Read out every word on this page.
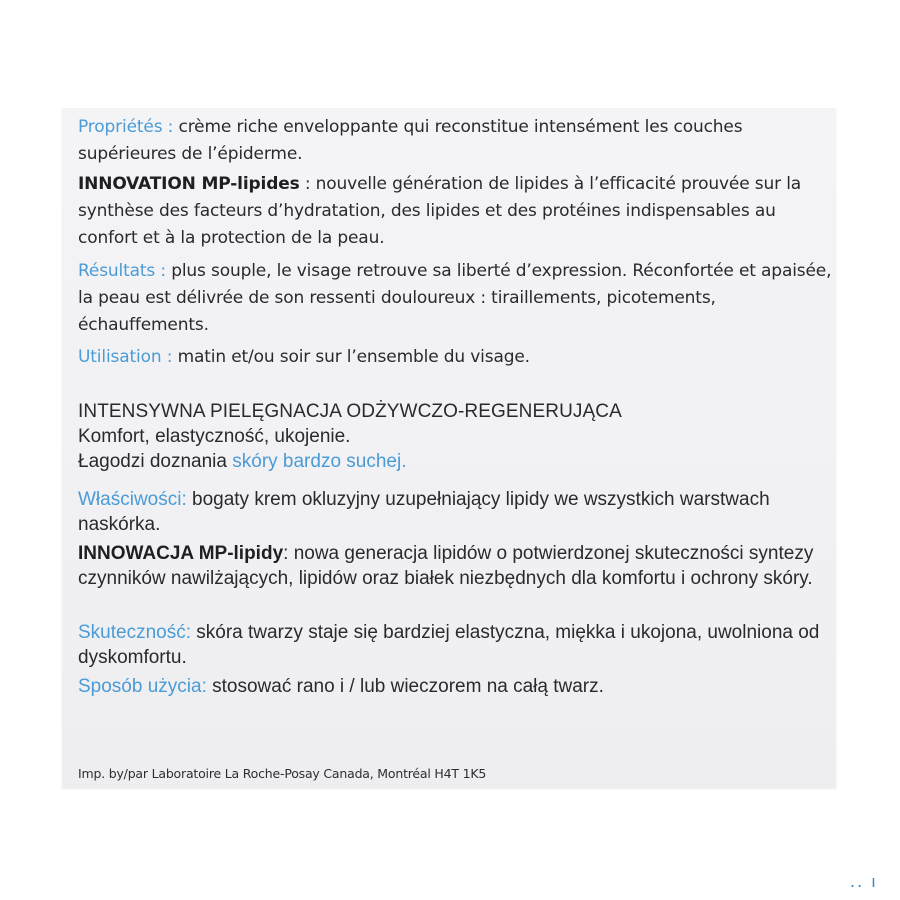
Propriétés : crème riche enveloppante qui reconstitue intensément les couches supérieures de l’épiderme.

INNOVATION MP-lipides : nouvelle génération de lipides à l’efficacité prouvée sur la synthèse des facteurs d’hydratation, des lipides et des protéines indispensables au confort et à la protection de la peau.

Résultats : plus souple, le visage retrouve sa liberté d’expression. Réconfortée et apaisée, la peau est délivrée de son ressenti douloureux : tiraillements, picotements, échauffements.

Utilisation : matin et/ou soir sur l’ensemble du visage.

INTENSYWNA PIELĘGNACJA ODŻYWCZO-REGENERUJĄCA
Komfort, elastyczność, ukojenie.
Łagodzi doznania skóry bardzo suchej.

Właściwości: bogaty krem okluzyjny uzupełniający lipidy we wszystkich warstwach naskórka.

INNOWACJA MP-lipidy: nowa generacja lipidów o potwierdzonej skuteczności syntezy czynników nawilżających, lipidów oraz białek niezbędnych dla komfortu i ochrony skóry.

Skuteczność: skóra twarzy staje się bardziej elastyczna, miękka i ukojona, uwolniona od dyskomfortu.

Sposób użycia: stosować rano i / lub wieczorem na całą twarz.

Imp. by/par Laboratoire La Roche-Posay Canada, Montréal H4T 1K5
.. ı
